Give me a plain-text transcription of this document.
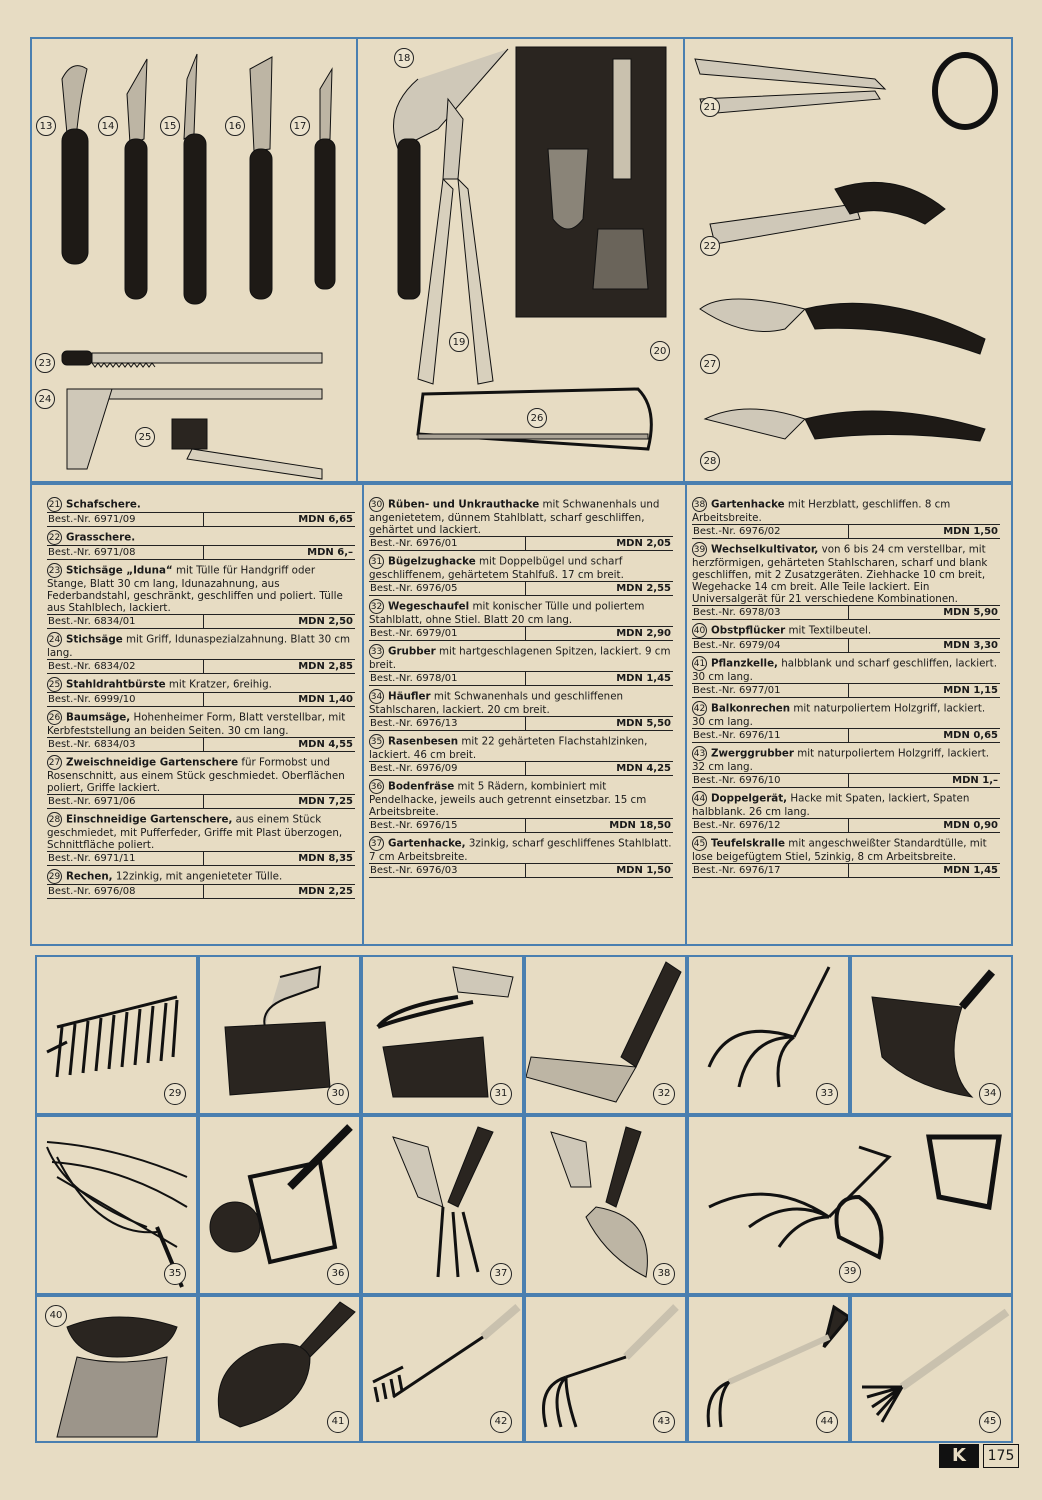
13	14	15	16	17
23
24
25
18
19
20
26
21
22
27
28
21 Schafschere.
Best.-Nr. 6971/09	MDN 6,65
22 Grasschere.
Best.-Nr. 6971/08	MDN 6,–
23 Stichsäge „Iduna“ mit Tülle für Handgriff oder Stange, Blatt 30 cm lang, Idunazahnung, aus Federbandstahl, geschränkt, geschliffen und poliert. Tülle aus Stahlblech, lackiert.
Best.-Nr. 6834/01	MDN 2,50
24 Stichsäge mit Griff, Idunaspezialzahnung. Blatt 30 cm lang.
Best.-Nr. 6834/02	MDN 2,85
25 Stahldrahtbürste mit Kratzer, 6reihig.
Best.-Nr. 6999/10	MDN 1,40
26 Baumsäge, Hohenheimer Form, Blatt verstellbar, mit Kerbfeststellung an beiden Seiten. 30 cm lang.
Best.-Nr. 6834/03	MDN 4,55
27 Zweischneidige Gartenschere für Formobst und Rosenschnitt, aus einem Stück geschmiedet. Oberflächen poliert, Griffe lackiert.
Best.-Nr. 6971/06	MDN 7,25
28 Einschneidige Gartenschere, aus einem Stück geschmiedet, mit Pufferfeder, Griffe mit Plast überzogen, Schnittfläche poliert.
Best.-Nr. 6971/11	MDN 8,35
29 Rechen, 12zinkig, mit angenieteter Tülle.
Best.-Nr. 6976/08	MDN 2,25
30 Rüben- und Unkrauthacke mit Schwanenhals und angenietetem, dünnem Stahlblatt, scharf geschliffen, gehärtet und lackiert.
Best.-Nr. 6976/01	MDN 2,05
31 Bügelzughacke mit Doppelbügel und scharf geschliffenem, gehärtetem Stahlfuß. 17 cm breit.
Best.-Nr. 6976/05	MDN 2,55
32 Wegeschaufel mit konischer Tülle und poliertem Stahlblatt, ohne Stiel. Blatt 20 cm lang.
Best.-Nr. 6979/01	MDN 2,90
33 Grubber mit hartgeschlagenen Spitzen, lackiert. 9 cm breit.
Best.-Nr. 6978/01	MDN 1,45
34 Häufler mit Schwanenhals und geschliffenen Stahlscharen, lackiert. 20 cm breit.
Best.-Nr. 6976/13	MDN 5,50
35 Rasenbesen mit 22 gehärteten Flachstahlzinken, lackiert. 46 cm breit.
Best.-Nr. 6976/09	MDN 4,25
36 Bodenfräse mit 5 Rädern, kombiniert mit Pendelhacke, jeweils auch getrennt einsetzbar. 15 cm Arbeitsbreite.
Best.-Nr. 6976/15	MDN 18,50
37 Gartenhacke, 3zinkig, scharf geschliffenes Stahlblatt. 7 cm Arbeitsbreite.
Best.-Nr. 6976/03	MDN 1,50
38 Gartenhacke mit Herzblatt, geschliffen. 8 cm Arbeitsbreite.
Best.-Nr. 6976/02	MDN 1,50
39 Wechselkultivator, von 6 bis 24 cm verstellbar, mit herzförmigen, gehärteten Stahlscharen, scharf und blank geschliffen, mit 2 Zusatzgeräten. Ziehhacke 10 cm breit, Wegehacke 14 cm breit. Alle Teile lackiert. Ein Universalgerät für 21 verschiedene Kombinationen.
Best.-Nr. 6978/03	MDN 5,90
40 Obstpflücker mit Textilbeutel.
Best.-Nr. 6979/04	MDN 3,30
41 Pflanzkelle, halbblank und scharf geschliffen, lackiert. 30 cm lang.
Best.-Nr. 6977/01	MDN 1,15
42 Balkonrechen mit naturpoliertem Holzgriff, lackiert. 30 cm lang.
Best.-Nr. 6976/11	MDN 0,65
43 Zwerggrubber mit naturpoliertem Holzgriff, lackiert. 32 cm lang.
Best.-Nr. 6976/10	MDN 1,–
44 Doppelgerät, Hacke mit Spaten, lackiert, Spaten halbblank. 26 cm lang.
Best.-Nr. 6976/12	MDN 0,90
45 Teufelskralle mit angeschweißter Standardtülle, mit lose beigefügtem Stiel, 5zinkig, 8 cm Arbeitsbreite.
Best.-Nr. 6976/17	MDN 1,45
29	30	31	32	33	34
35	36	37	38	39
40
41	42	43	44	45
K	175
